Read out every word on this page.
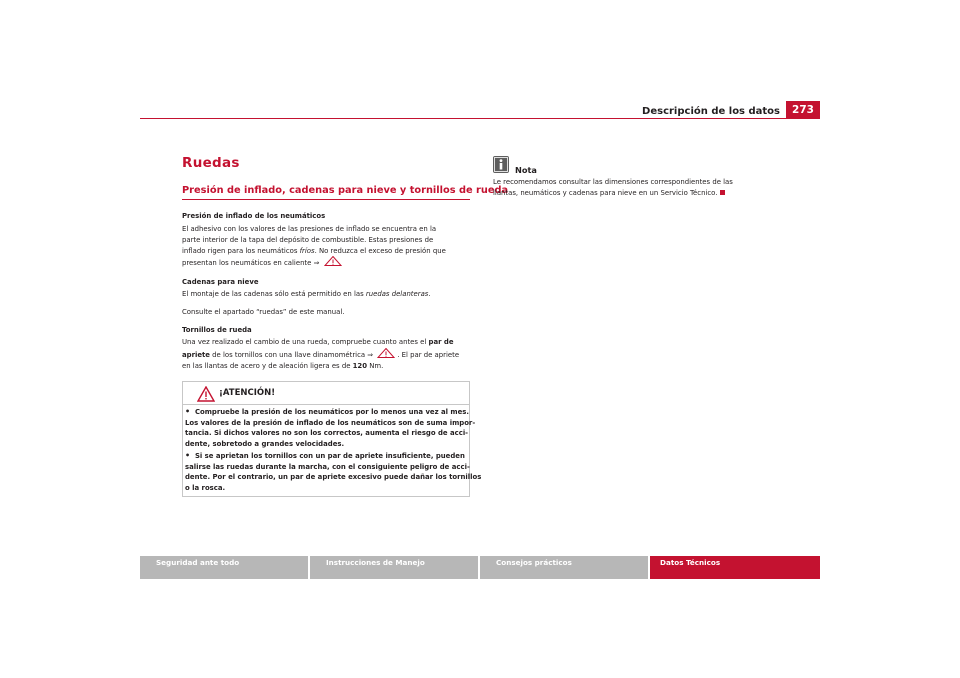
Descripción de los datos	273
Ruedas
Presión de inflado, cadenas para nieve y tornillos de rueda
Presión de inflado de los neumáticos
El adhesivo con los valores de las presiones de inflado se encuentra en la
parte interior de la tapa del depósito de combustible. Estas presiones de
inflado rigen para los neumáticos fríos. No reduzca el exceso de presión que
presentan los neumáticos en caliente ⇒
Cadenas para nieve
El montaje de las cadenas sólo está permitido en las ruedas delanteras.
Consulte el apartado “ruedas” de este manual.
Tornillos de rueda
Una vez realizado el cambio de una rueda, compruebe cuanto antes el par de
apriete de los tornillos con una llave dinamométrica ⇒	. El par de apriete
en las llantas de acero y de aleación ligera es de 120 Nm.
¡ATENCIÓN!
• Compruebe la presión de los neumáticos por lo menos una vez al mes.
Los valores de la presión de inflado de los neumáticos son de suma impor-
tancia. Si dichos valores no son los correctos, aumenta el riesgo de acci-
dente, sobretodo a grandes velocidades.
• Si se aprietan los tornillos con un par de apriete insuficiente, pueden
salirse las ruedas durante la marcha, con el consiguiente peligro de acci-
dente. Por el contrario, un par de apriete excesivo puede dañar los tornillos
o la rosca.
Nota
Le recomendamos consultar las dimensiones correspondientes de las
llantas, neumáticos y cadenas para nieve en un Servicio Técnico.
Seguridad ante todo	Instrucciones de Manejo	Consejos prácticos	Datos Técnicos
